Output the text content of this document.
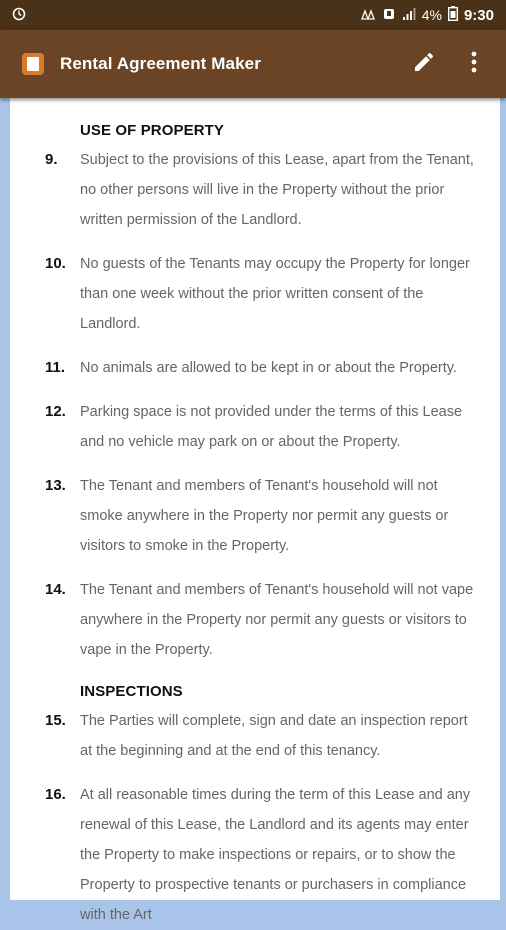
4% 9:30
Rental Agreement Maker
USE OF PROPERTY
9.	Subject to the provisions of this Lease, apart from the Tenant, no other persons will live in the Property without the prior written permission of the Landlord.
10. No guests of the Tenants may occupy the Property for longer than one week without the prior written consent of the Landlord.
11.	No animals are allowed to be kept in or about the Property.
12. Parking space is not provided under the terms of this Lease and no vehicle may park on or about the Property.
13. The Tenant and members of Tenant's household will not smoke anywhere in the Property nor permit any guests or visitors to smoke in the Property.
14. The Tenant and members of Tenant's household will not vape anywhere in the Property nor permit any guests or visitors to vape in the Property.
INSPECTIONS
15. The Parties will complete, sign and date an inspection report at the beginning and at the end of this tenancy.
16. At all reasonable times during the term of this Lease and any renewal of this Lease, the Landlord and its agents may enter the Property to make inspections or repairs, or to show the Property to prospective tenants or purchasers in compliance with the Art
